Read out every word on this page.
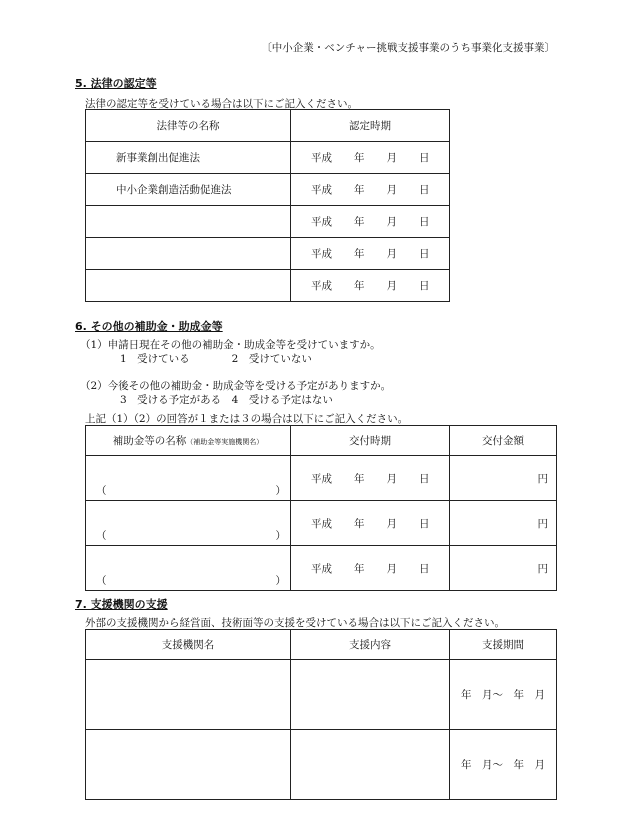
〔中小企業・ベンチャー挑戦支援事業のうち事業化支援事業〕
5. 法律の認定等
法律の認定等を受けている場合は以下にご記入ください。
法律等の名称	認定時期
新事業創出促進法	平成 年 月 日

中小企業創造活動促進法	平成 年 月 日

	平成 年 月 日

	平成 年 月 日

	平成 年 月 日
6. その他の補助金・助成金等
（1）申請日現在その他の補助金・助成金等を受けていますか。
1　受けている　　　　2　受けていない
（2）今後その他の補助金・助成金等を受ける予定がありますか。
3　受ける予定がある　4　受ける予定はない
上記（1）（2）の回答が１または３の場合は以下にご記入ください。
補助金等の名称（補助金等実施機関名）	交付時期	交付金額

（ ）	平成 年 月 日	円

（ ）	平成 年 月 日	円

（ ）	平成 年 月 日	円
7. 支援機関の支援
外部の支援機関から経営面、技術面等の支援を受けている場合は以下にご記入ください。
支援機関名	支援内容	支援期間
		年　月～　年　月
		年　月～　年　月
